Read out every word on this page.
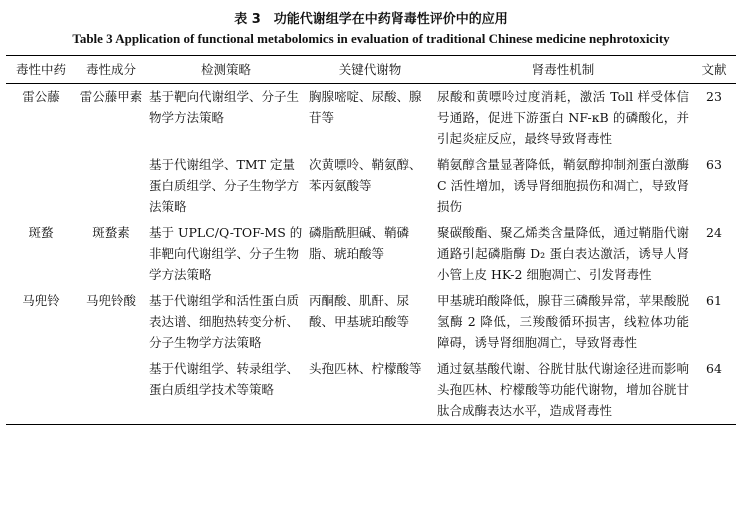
表 3　功能代谢组学在中药肾毒性评价中的应用
Table 3 Application of functional metabolomics in evaluation of traditional Chinese medicine nephrotoxicity
毒性中药	毒性成分	检测策略	关键代谢物	肾毒性机制	文献
雷公藤	雷公藤甲素	基于靶向代谢组学、分子生物学方法策略	胸腺嘧啶、尿酸、腺苷等	尿酸和黄嘌呤过度消耗，激活 Toll 样受体信号通路，促进下游蛋白 NF-κB 的磷酸化，并引起炎症反应，最终导致肾毒性	23
		基于代谢组学、TMT 定量蛋白质组学、分子生物学方法策略	次黄嘌呤、鞘氨醇、苯丙氨酸等	鞘氨醇含量显著降低，鞘氨醇抑制剂蛋白激酶 C 活性增加，诱导肾细胞损伤和凋亡，导致肾损伤	63
斑蝥	斑蝥素	基于 UPLC/Q-TOF-MS 的非靶向代谢组学、分子生物学方法策略	磷脂酰胆碱、鞘磷脂、琥珀酸等	聚碳酸酯、聚乙烯类含量降低，通过鞘脂代谢通路引起磷脂酶 D₂ 蛋白表达激活，诱导人肾小管上皮 HK-2 细胞凋亡、引发肾毒性	24
马兜铃	马兜铃酸	基于代谢组学和活性蛋白质表达谱、细胞热转变分析、分子生物学方法策略	丙酮酸、肌酐、尿酸、甲基琥珀酸等	甲基琥珀酸降低，腺苷三磷酸异常，苹果酸脱氢酶 2 降低，三羧酸循环损害，线粒体功能障碍，诱导肾细胞凋亡，导致肾毒性	61
		基于代谢组学、转录组学、蛋白质组学技术等策略	头孢匹林、柠檬酸等	通过氨基酸代谢、谷胱甘肽代谢途径进而影响头孢匹林、柠檬酸等功能代谢物，增加谷胱甘肽合成酶表达水平，造成肾毒性	64
